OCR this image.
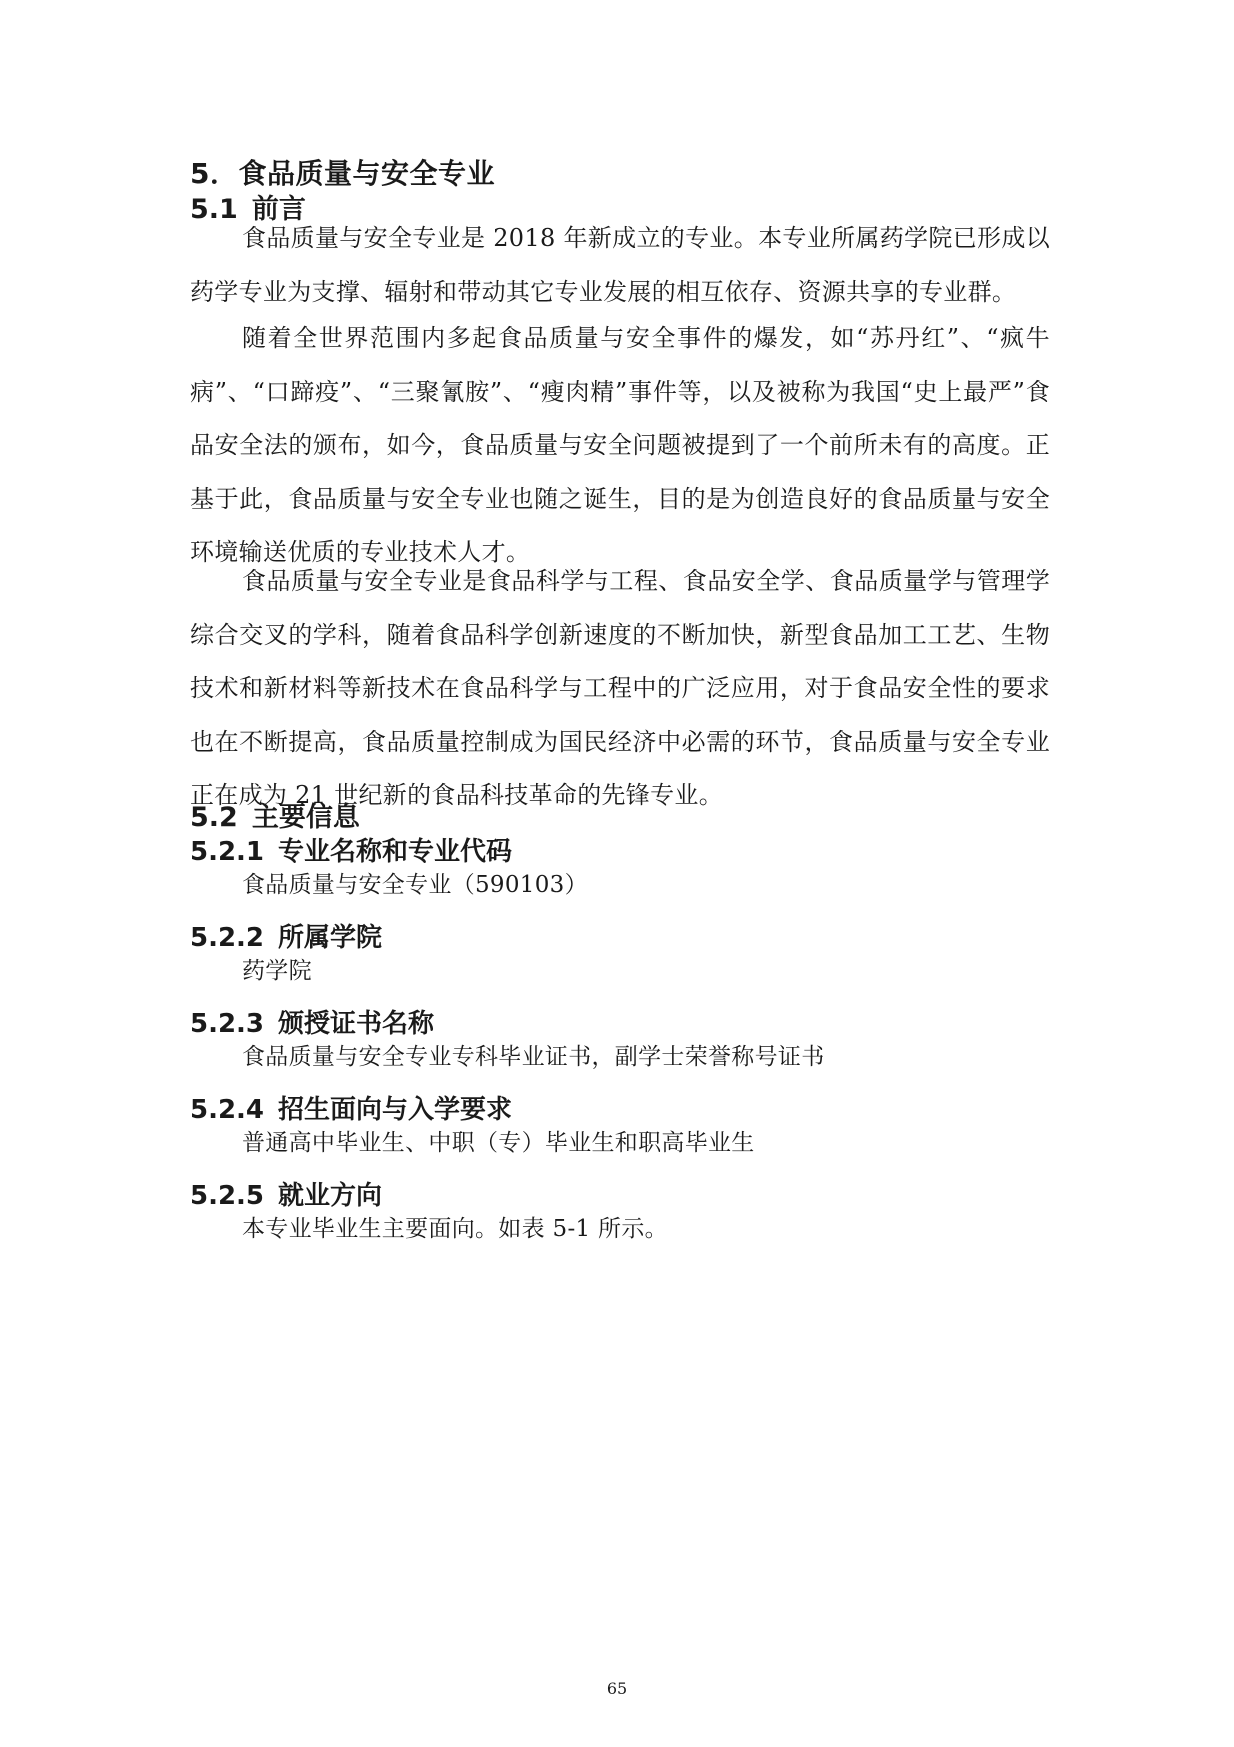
5．食品质量与安全专业
5.1 前言

食品质量与安全专业是 2018 年新成立的专业。本专业所属药学院已形成以药学专业为支撑、辐射和带动其它专业发展的相互依存、资源共享的专业群。

随着全世界范围内多起食品质量与安全事件的爆发，如“苏丹红”、“疯牛病”、“口蹄疫”、“三聚氰胺”、“瘦肉精”事件等，以及被称为我国“史上最严”食品安全法的颁布，如今，食品质量与安全问题被提到了一个前所未有的高度。正基于此，食品质量与安全专业也随之诞生，目的是为创造良好的食品质量与安全环境输送优质的专业技术人才。

食品质量与安全专业是食品科学与工程、食品安全学、食品质量学与管理学综合交叉的学科，随着食品科学创新速度的不断加快，新型食品加工工艺、生物技术和新材料等新技术在食品科学与工程中的广泛应用，对于食品安全性的要求也在不断提高，食品质量控制成为国民经济中必需的环节，食品质量与安全专业正在成为 21 世纪新的食品科技革命的先锋专业。

5.2 主要信息
5.2.1 专业名称和专业代码
食品质量与安全专业（590103）
5.2.2 所属学院
药学院
5.2.3 颁授证书名称
食品质量与安全专业专科毕业证书，副学士荣誉称号证书
5.2.4 招生面向与入学要求
普通高中毕业生、中职（专）毕业生和职高毕业生
5.2.5 就业方向
本专业毕业生主要面向。如表 5-1 所示。
65
